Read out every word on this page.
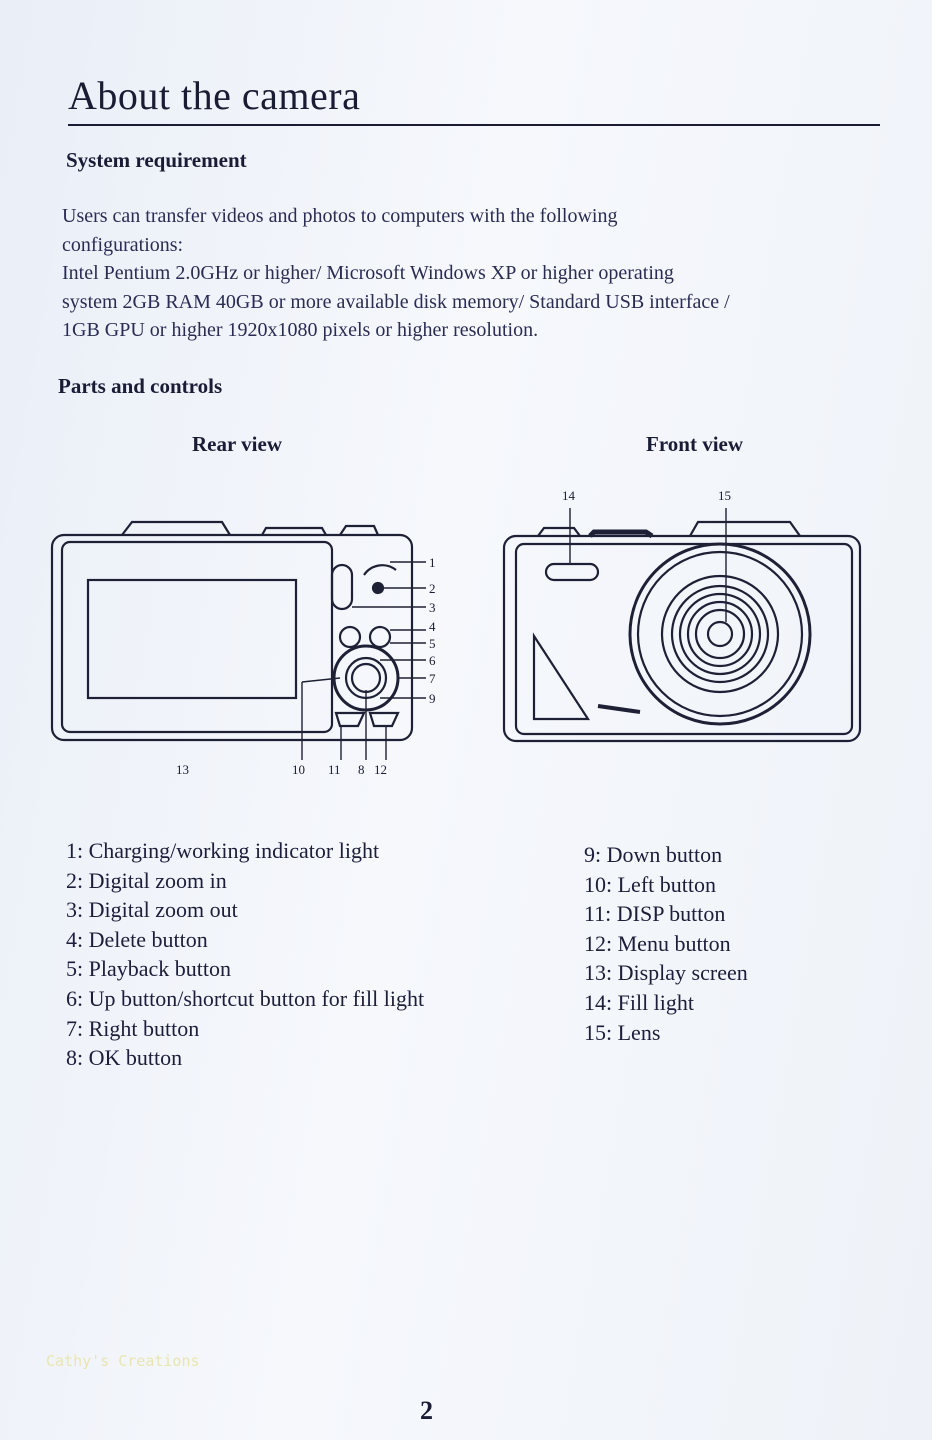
About the camera
System requirement
Users can transfer videos and photos to computers with the following
configurations:
Intel Pentium 2.0GHz or higher/ Microsoft Windows XP or higher operating
system 2GB RAM 40GB or more available disk memory/ Standard USB interface /
1GB GPU or higher 1920x1080 pixels or higher resolution.
Parts and controls
Rear view	Front view
1
2
3
4
5
6
7
9
13	10 11 8 12
14	15
1: Charging/working indicator light
2: Digital zoom in
3: Digital zoom out
4: Delete button
5: Playback button
6: Up button/shortcut button for fill light
7: Right button
8: OK button
9: Down button
10: Left button
11: DISP button
12: Menu button
13: Display screen
14: Fill light
15: Lens
Cathy's Creations
2
